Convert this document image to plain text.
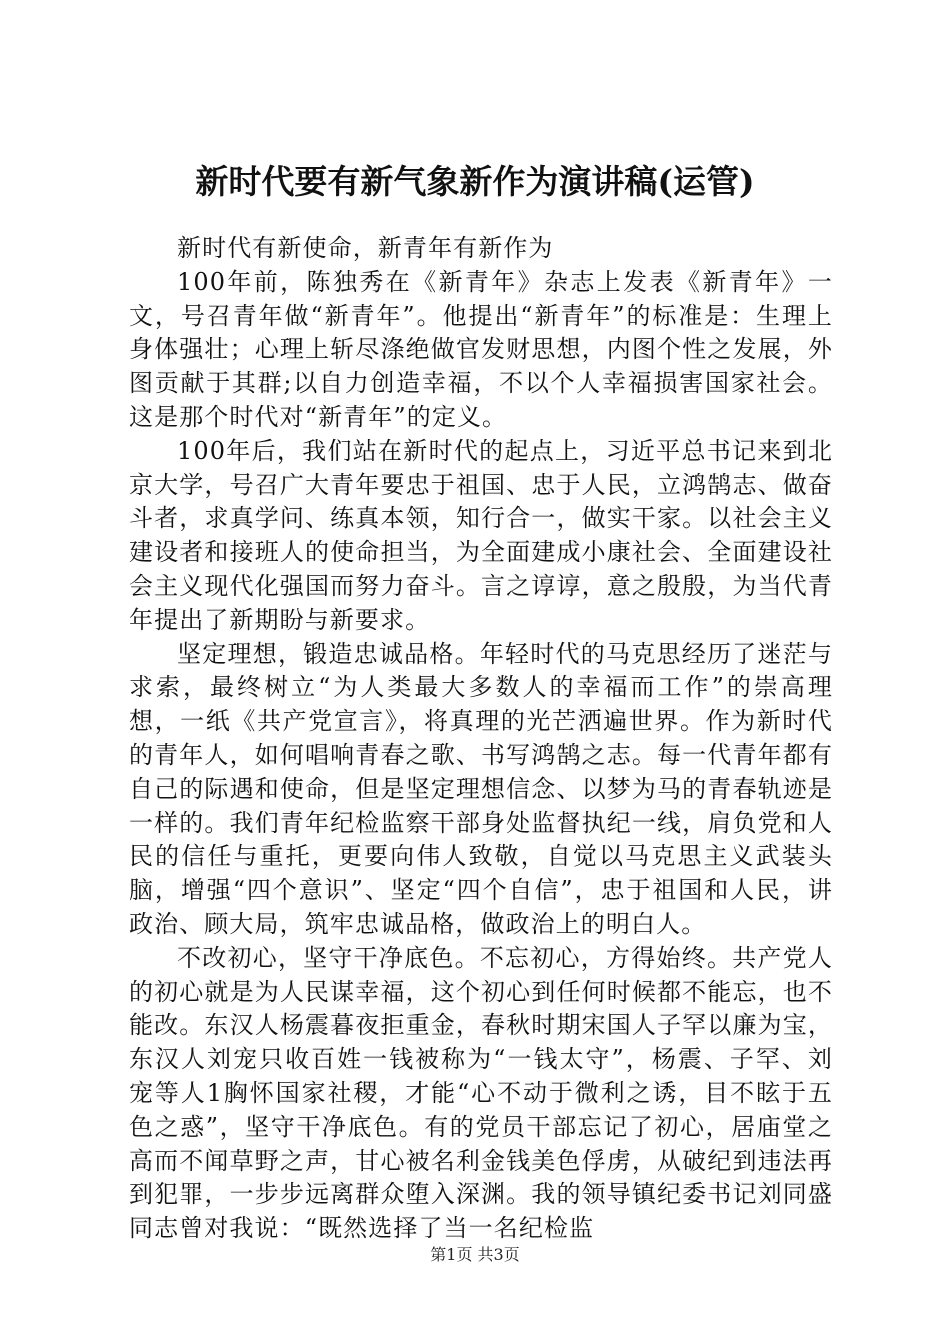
新时代要有新气象新作为演讲稿(运管)

新时代有新使命，新青年有新作为

100年前，陈独秀在《新青年》杂志上发表《新青年》一文，号召青年做“新青年”。他提出“新青年”的标准是：生理上身体强壮；心理上斩尽涤绝做官发财思想，内图个性之发展，外图贡献于其群;以自力创造幸福，不以个人幸福损害国家社会。这是那个时代对“新青年”的定义。

100年后，我们站在新时代的起点上，习近平总书记来到北京大学，号召广大青年要忠于祖国、忠于人民，立鸿鹄志、做奋斗者，求真学问、练真本领，知行合一，做实干家。以社会主义建设者和接班人的使命担当，为全面建成小康社会、全面建设社会主义现代化强国而努力奋斗。言之谆谆，意之殷殷，为当代青年提出了新期盼与新要求。

坚定理想，锻造忠诚品格。年轻时代的马克思经历了迷茫与求索，最终树立“为人类最大多数人的幸福而工作”的崇高理想，一纸《共产党宣言》，将真理的光芒洒遍世界。作为新时代的青年人，如何唱响青春之歌、书写鸿鹄之志。每一代青年都有自己的际遇和使命，但是坚定理想信念、以梦为马的青春轨迹是一样的。我们青年纪检监察干部身处监督执纪一线，肩负党和人民的信任与重托，更要向伟人致敬，自觉以马克思主义武装头脑，增强“四个意识”、坚定“四个自信”，忠于祖国和人民，讲政治、顾大局，筑牢忠诚品格，做政治上的明白人。

不改初心，坚守干净底色。不忘初心，方得始终。共产党人的初心就是为人民谋幸福，这个初心到任何时候都不能忘，也不能改。东汉人杨震暮夜拒重金，春秋时期宋国人子罕以廉为宝，东汉人刘宠只收百姓一钱被称为“一钱太守”，杨震、子罕、刘宠等人1胸怀国家社稷，才能“心不动于微利之诱，目不眩于五色之惑”，坚守干净底色。有的党员干部忘记了初心，居庙堂之高而不闻草野之声，甘心被名利金钱美色俘虏，从破纪到违法再到犯罪，一步步远离群众堕入深渊。我的领导镇纪委书记刘同盛同志曾对我说：“既然选择了当一名纪检监

第1页 共3页
